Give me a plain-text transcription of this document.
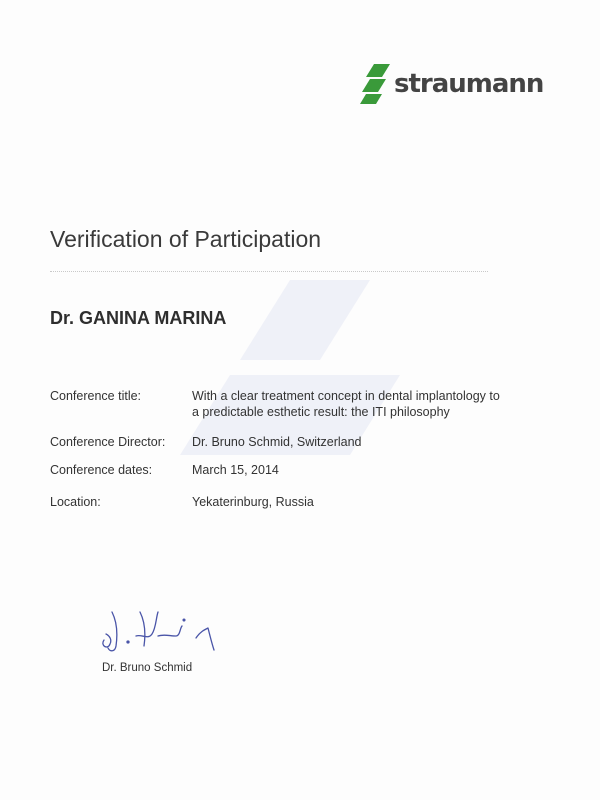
straumann
Verification of Participation
Dr. GANINA MARINA
Conference title:	With a clear treatment concept in dental implantology to
a predictable esthetic result: the ITI philosophy
Conference Director:	Dr. Bruno Schmid, Switzerland
Conference dates:	March 15, 2014
Location:	Yekaterinburg, Russia
Dr. Bruno Schmid
